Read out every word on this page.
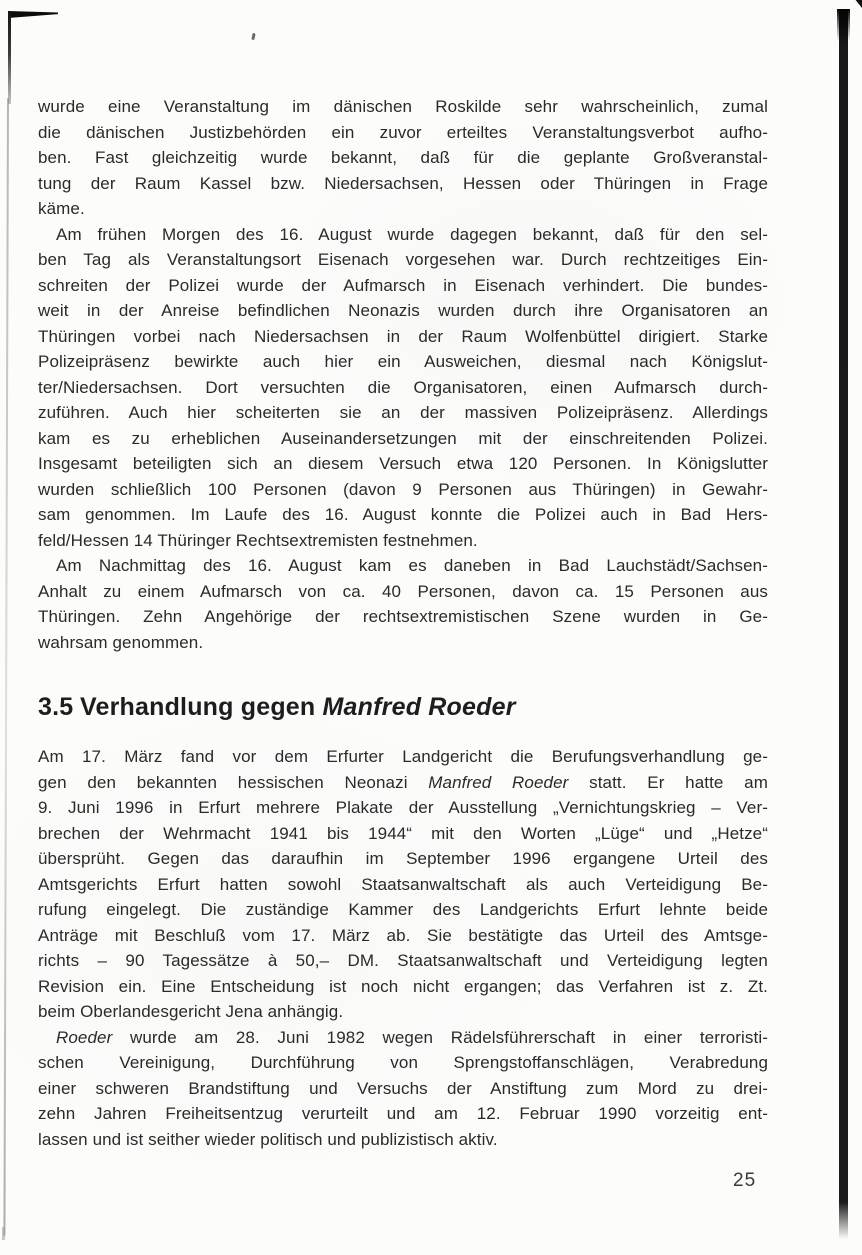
wurde eine Veranstaltung im dänischen Roskilde sehr wahrscheinlich, zumal
die dänischen Justizbehörden ein zuvor erteiltes Veranstaltungsverbot aufho-
ben. Fast gleichzeitig wurde bekannt, daß für die geplante Großveranstal-
tung der Raum Kassel bzw. Niedersachsen, Hessen oder Thüringen in Frage
käme.
Am frühen Morgen des 16. August wurde dagegen bekannt, daß für den sel-
ben Tag als Veranstaltungsort Eisenach vorgesehen war. Durch rechtzeitiges Ein-
schreiten der Polizei wurde der Aufmarsch in Eisenach verhindert. Die bundes-
weit in der Anreise befindlichen Neonazis wurden durch ihre Organisatoren an
Thüringen vorbei nach Niedersachsen in der Raum Wolfenbüttel dirigiert. Starke
Polizeipräsenz bewirkte auch hier ein Ausweichen, diesmal nach Königslut-
ter/Niedersachsen. Dort versuchten die Organisatoren, einen Aufmarsch durch-
zuführen. Auch hier scheiterten sie an der massiven Polizeipräsenz. Allerdings
kam es zu erheblichen Auseinandersetzungen mit der einschreitenden Polizei.
Insgesamt beteiligten sich an diesem Versuch etwa 120 Personen. In Königslutter
wurden schließlich 100 Personen (davon 9 Personen aus Thüringen) in Gewahr-
sam genommen. Im Laufe des 16. August konnte die Polizei auch in Bad Hers-
feld/Hessen 14 Thüringer Rechtsextremisten festnehmen.
Am Nachmittag des 16. August kam es daneben in Bad Lauchstädt/Sachsen-
Anhalt zu einem Aufmarsch von ca. 40 Personen, davon ca. 15 Personen aus
Thüringen. Zehn Angehörige der rechtsextremistischen Szene wurden in Ge-
wahrsam genommen.
3.5 Verhandlung gegen Manfred Roeder
Am 17. März fand vor dem Erfurter Landgericht die Berufungsverhandlung ge-
gen den bekannten hessischen Neonazi Manfred Roeder statt. Er hatte am
9. Juni 1996 in Erfurt mehrere Plakate der Ausstellung „Vernichtungskrieg – Ver-
brechen der Wehrmacht 1941 bis 1944“ mit den Worten „Lüge“ und „Hetze“
übersprüht. Gegen das daraufhin im September 1996 ergangene Urteil des
Amtsgerichts Erfurt hatten sowohl Staatsanwaltschaft als auch Verteidigung Be-
rufung eingelegt. Die zuständige Kammer des Landgerichts Erfurt lehnte beide
Anträge mit Beschluß vom 17. März ab. Sie bestätigte das Urteil des Amtsge-
richts – 90 Tagessätze à 50,– DM. Staatsanwaltschaft und Verteidigung legten
Revision ein. Eine Entscheidung ist noch nicht ergangen; das Verfahren ist z. Zt.
beim Oberlandesgericht Jena anhängig.
Roeder wurde am 28. Juni 1982 wegen Rädelsführerschaft in einer terroristi-
schen Vereinigung, Durchführung von Sprengstoffanschlägen, Verabredung
einer schweren Brandstiftung und Versuchs der Anstiftung zum Mord zu drei-
zehn Jahren Freiheitsentzug verurteilt und am 12. Februar 1990 vorzeitig ent-
lassen und ist seither wieder politisch und publizistisch aktiv.
25
